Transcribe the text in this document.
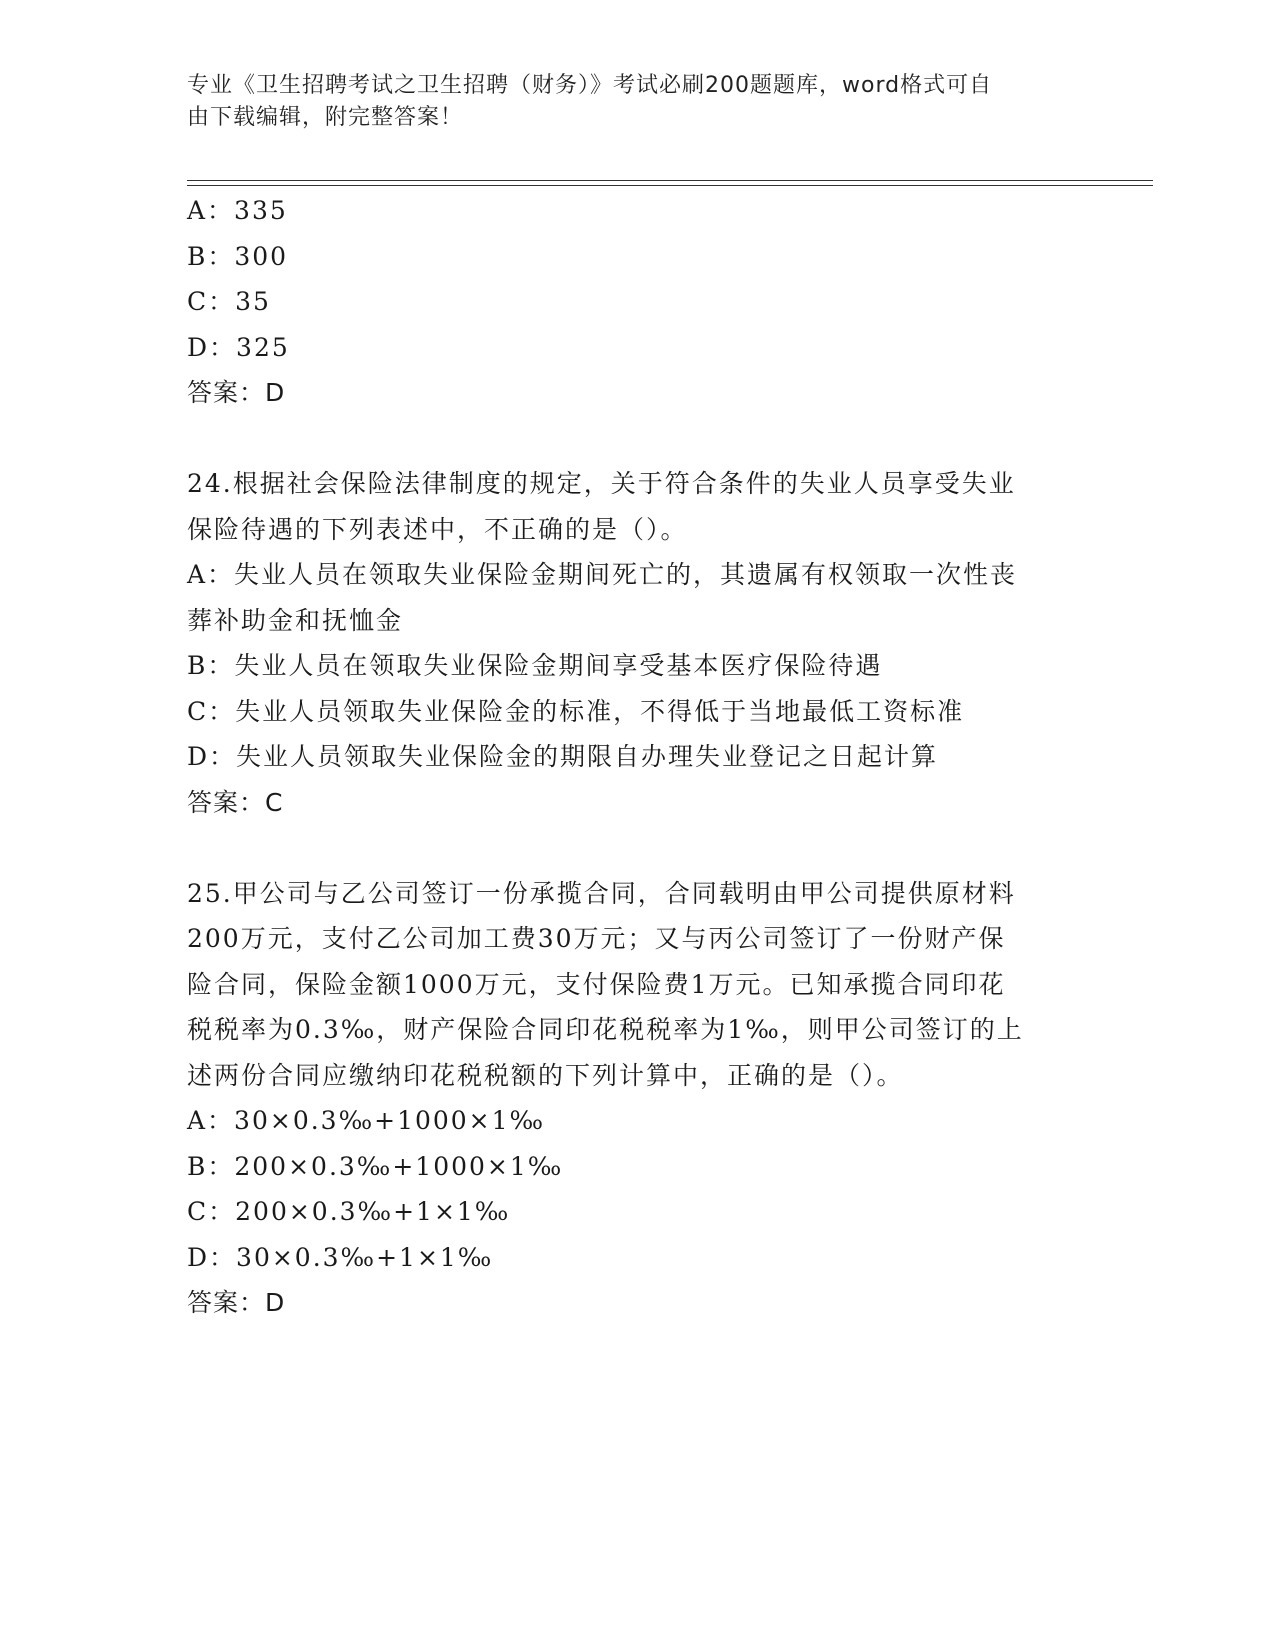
专业《卫生招聘考试之卫生招聘（财务）》考试必刷200题题库，word格式可自
由下载编辑，附完整答案！
A：335
B：300
C：35
D：325
答案：D
24.根据社会保险法律制度的规定，关于符合条件的失业人员享受失业
保险待遇的下列表述中，不正确的是（）。
A：失业人员在领取失业保险金期间死亡的，其遗属有权领取一次性丧
葬补助金和抚恤金
B：失业人员在领取失业保险金期间享受基本医疗保险待遇
C：失业人员领取失业保险金的标准，不得低于当地最低工资标准
D：失业人员领取失业保险金的期限自办理失业登记之日起计算
答案：C
25.甲公司与乙公司签订一份承揽合同，合同载明由甲公司提供原材料
200万元，支付乙公司加工费30万元；又与丙公司签订了一份财产保
险合同，保险金额1000万元，支付保险费1万元。已知承揽合同印花
税税率为0.3‰，财产保险合同印花税税率为1‰，则甲公司签订的上
述两份合同应缴纳印花税税额的下列计算中，正确的是（）。
A：30×0.3‰+1000×1‰
B：200×0.3‰+1000×1‰
C：200×0.3‰+1×1‰
D：30×0.3‰+1×1‰
答案：D
